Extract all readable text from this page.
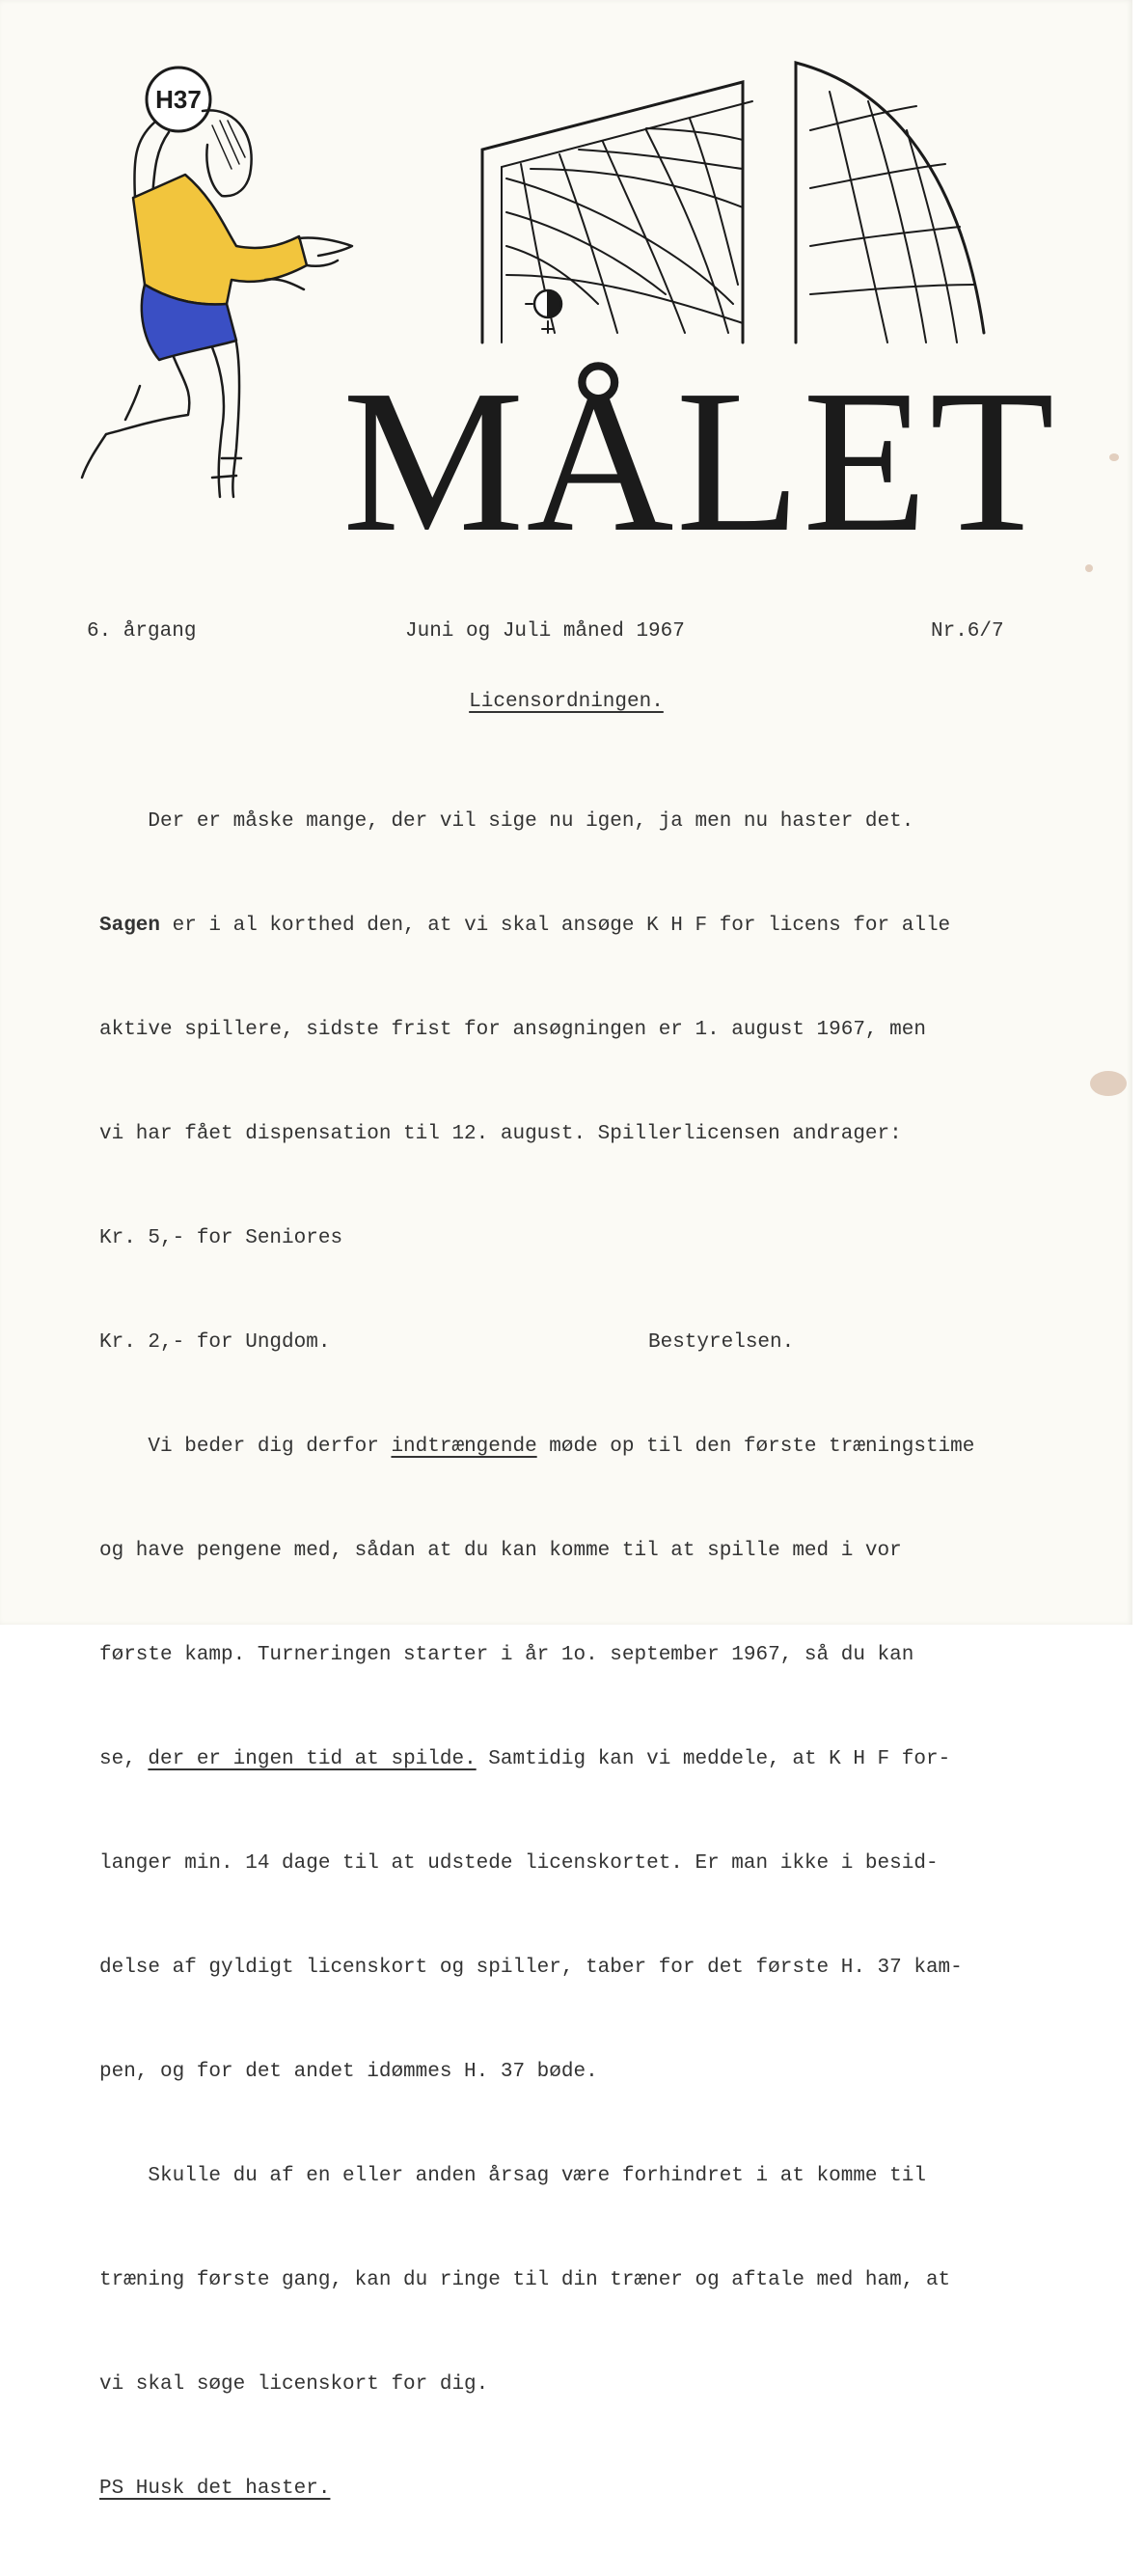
H37
MÅLET
6. årgang	Juni og Juli måned 1967	Nr.6/7
Licensordningen.

Der er måske mange, der vil sige nu igen, ja men nu haster det.

Sagen er i al korthed den, at vi skal ansøge K H F for licens for alle

aktive spillere, sidste frist for ansøgningen er 1. august 1967, men

vi har fået dispensation til 12. august. Spillerlicensen andrager:

Kr. 5,- for Seniores

Kr. 2,- for Ungdom.

Vi beder dig derfor indtrængende møde op til den første træningstime

og have pengene med, sådan at du kan komme til at spille med i vor

første kamp. Turneringen starter i år 1o. september 1967, så du kan

se, der er ingen tid at spilde. Samtidig kan vi meddele, at K H F for-

langer min. 14 dage til at udstede licenskortet. Er man ikke i besid-

delse af gyldigt licenskort og spiller, taber for det første H. 37 kam-

pen, og for det andet idømmes H. 37 bøde.

Skulle du af en eller anden årsag være forhindret i at komme til

træning første gang, kan du ringe til din træner og aftale med ham, at

vi skal søge licenskort for dig.

PS Husk det haster.

Bestyrelsen.
